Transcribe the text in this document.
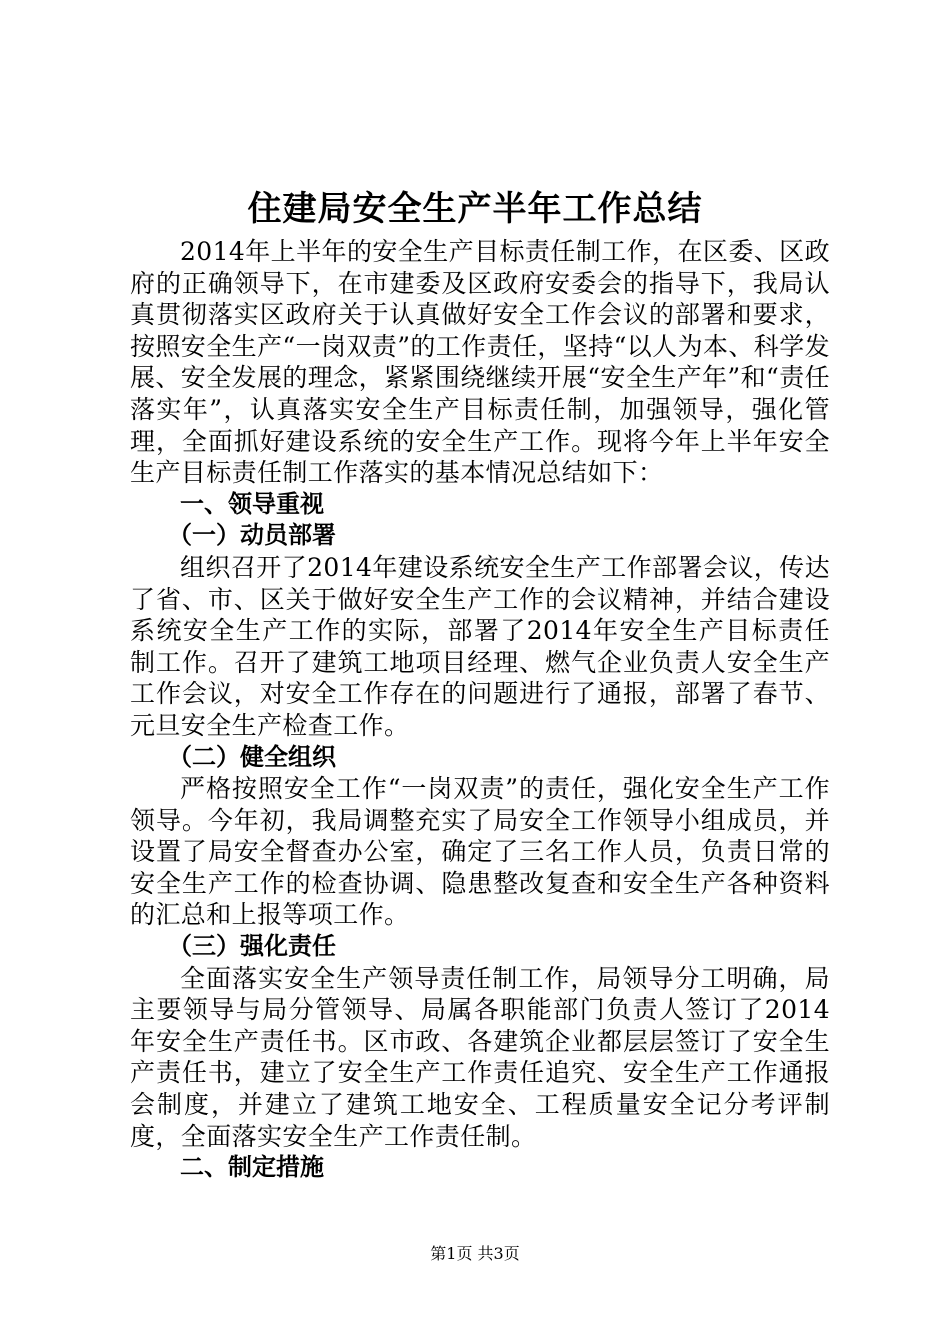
住建局安全生产半年工作总结

2014年上半年的安全生产目标责任制工作，在区委、区政府的正确领导下，在市建委及区政府安委会的指导下，我局认真贯彻落实区政府关于认真做好安全工作会议的部署和要求，按照安全生产“一岗双责”的工作责任，坚持“以人为本、科学发展、安全发展的理念，紧紧围绕继续开展“安全生产年”和“责任落实年”，认真落实安全生产目标责任制，加强领导，强化管理，全面抓好建设系统的安全生产工作。现将今年上半年安全生产目标责任制工作落实的基本情况总结如下：

一、领导重视

（一）动员部署

组织召开了2014年建设系统安全生产工作部署会议，传达了省、市、区关于做好安全生产工作的会议精神，并结合建设系统安全生产工作的实际，部署了2014年安全生产目标责任制工作。召开了建筑工地项目经理、燃气企业负责人安全生产工作会议，对安全工作存在的问题进行了通报，部署了春节、元旦安全生产检查工作。

（二）健全组织

严格按照安全工作“一岗双责”的责任，强化安全生产工作领导。今年初，我局调整充实了局安全工作领导小组成员，并设置了局安全督查办公室，确定了三名工作人员，负责日常的安全生产工作的检查协调、隐患整改复查和安全生产各种资料的汇总和上报等项工作。

（三）强化责任

全面落实安全生产领导责任制工作，局领导分工明确，局主要领导与局分管领导、局属各职能部门负责人签订了2014年安全生产责任书。区市政、各建筑企业都层层签订了安全生产责任书，建立了安全生产工作责任追究、安全生产工作通报会制度，并建立了建筑工地安全、工程质量安全记分考评制度，全面落实安全生产工作责任制。

二、制定措施

第1页 共3页
